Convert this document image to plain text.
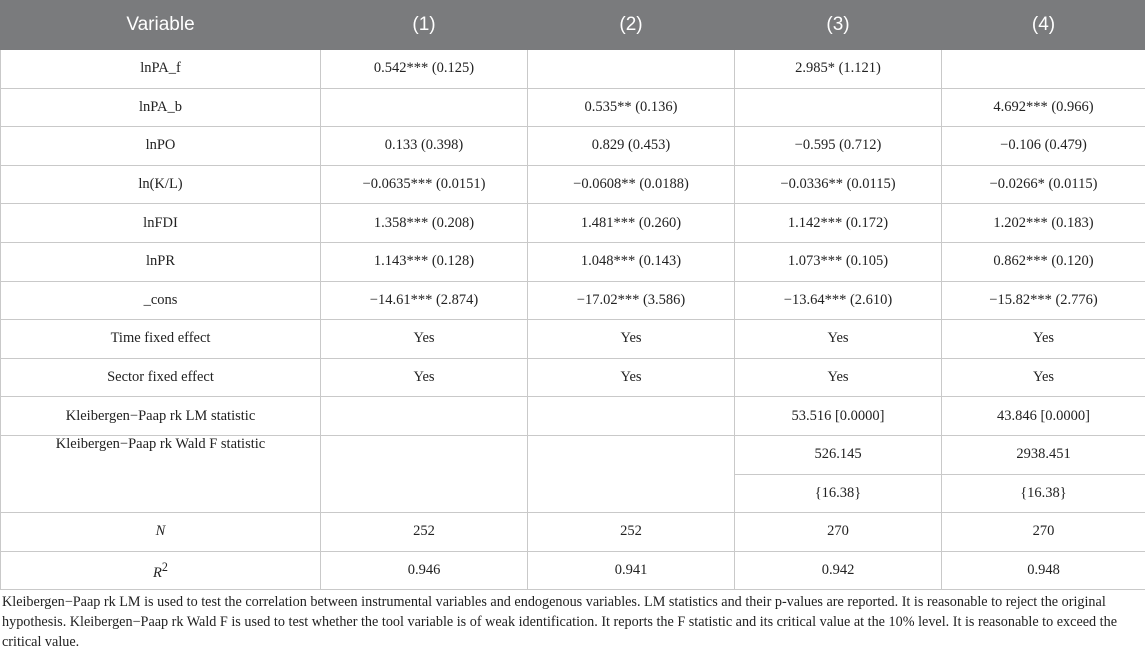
Variable	(1)	(2)	(3)	(4)
lnPA_f	0.542*** (0.125)		2.985* (1.121)	
lnPA_b		0.535** (0.136)		4.692*** (0.966)
lnPO	0.133 (0.398)	0.829 (0.453)	−0.595 (0.712)	−0.106 (0.479)
ln(K/L)	−0.0635*** (0.0151)	−0.0608** (0.0188)	−0.0336** (0.0115)	−0.0266* (0.0115)
lnFDI	1.358*** (0.208)	1.481*** (0.260)	1.142*** (0.172)	1.202*** (0.183)
lnPR	1.143*** (0.128)	1.048*** (0.143)	1.073*** (0.105)	0.862*** (0.120)
_cons	−14.61*** (2.874)	−17.02*** (3.586)	−13.64*** (2.610)	−15.82*** (2.776)
Time fixed effect	Yes	Yes	Yes	Yes
Sector fixed effect	Yes	Yes	Yes	Yes
Kleibergen−Paap rk LM statistic			53.516 [0.0000]	43.846 [0.0000]
Kleibergen−Paap rk Wald F statistic			526.145	2938.451
			{16.38}	{16.38}
N	252	252	270	270
$R^2$	0.946	0.941	0.942	0.948
Kleibergen−Paap rk LM is used to test the correlation between instrumental variables and endogenous variables. LM statistics and their p-values are reported. It is reasonable to reject the original hypothesis. Kleibergen−Paap rk Wald F is used to test whether the tool variable is of weak identification. It reports the F statistic and its critical value at the 10% level. It is reasonable to exceed the critical value.
